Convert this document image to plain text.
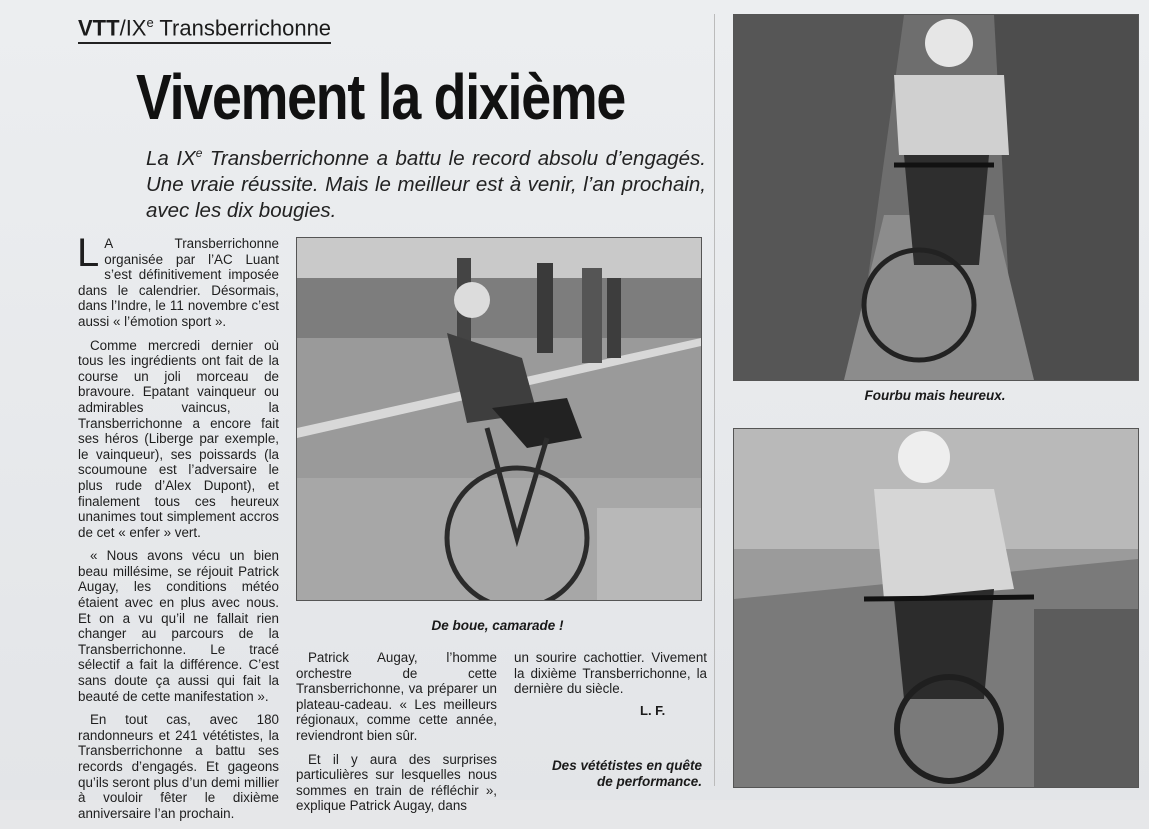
VTT/IXe Transberrichonne
Vivement la dixième

La IXe Transberrichonne a battu le record absolu d’engagés. Une vraie réussite. Mais le meilleur est à venir, l’an prochain, avec les dix bougies.

L A Transberrichonne organisée par l’AC Luant s’est définitivement imposée dans le calendrier. Désormais, dans l’Indre, le 11 novembre c’est aussi « l’émotion sport ».

Comme mercredi dernier où tous les ingrédients ont fait de la course un joli morceau de bravoure. Epatant vainqueur ou admirables vaincus, la Transberrichonne a encore fait ses héros (Liberge par exemple, le vainqueur), ses poissards (la scoumoune est l’adversaire le plus rude d’Alex Dupont), et finalement tous ces heureux unanimes tout simplement accros de cet « enfer » vert.

« Nous avons vécu un bien beau millésime, se réjouit Patrick Augay, les conditions météo étaient avec en plus avec nous. Et on a vu qu’il ne fallait rien changer au parcours de la Transberrichonne. Le tracé sélectif a fait la différence. C’est sans doute ça aussi qui fait la beauté de cette manifestation ».

En tout cas, avec 180 randonneurs et 241 vététistes, la Transberrichonne a battu ses records d’engagés. Et gageons qu’ils seront plus d’un demi millier à vouloir fêter le dixième anniversaire l’an prochain.

De boue, camarade !
Fourbu mais heureux.

Patrick Augay, l’homme orchestre de cette Transberrichonne, va préparer un plateau-cadeau. « Les meilleurs régionaux, comme cette année, reviendront bien sûr.

Et il y aura des surprises particulières sur lesquelles nous sommes en train de réfléchir », explique Patrick Augay, dans

un sourire cachottier. Vivement la dixième Transberrichonne, la dernière du siècle.

L. F.
Des vététistes en quête
de performance.
